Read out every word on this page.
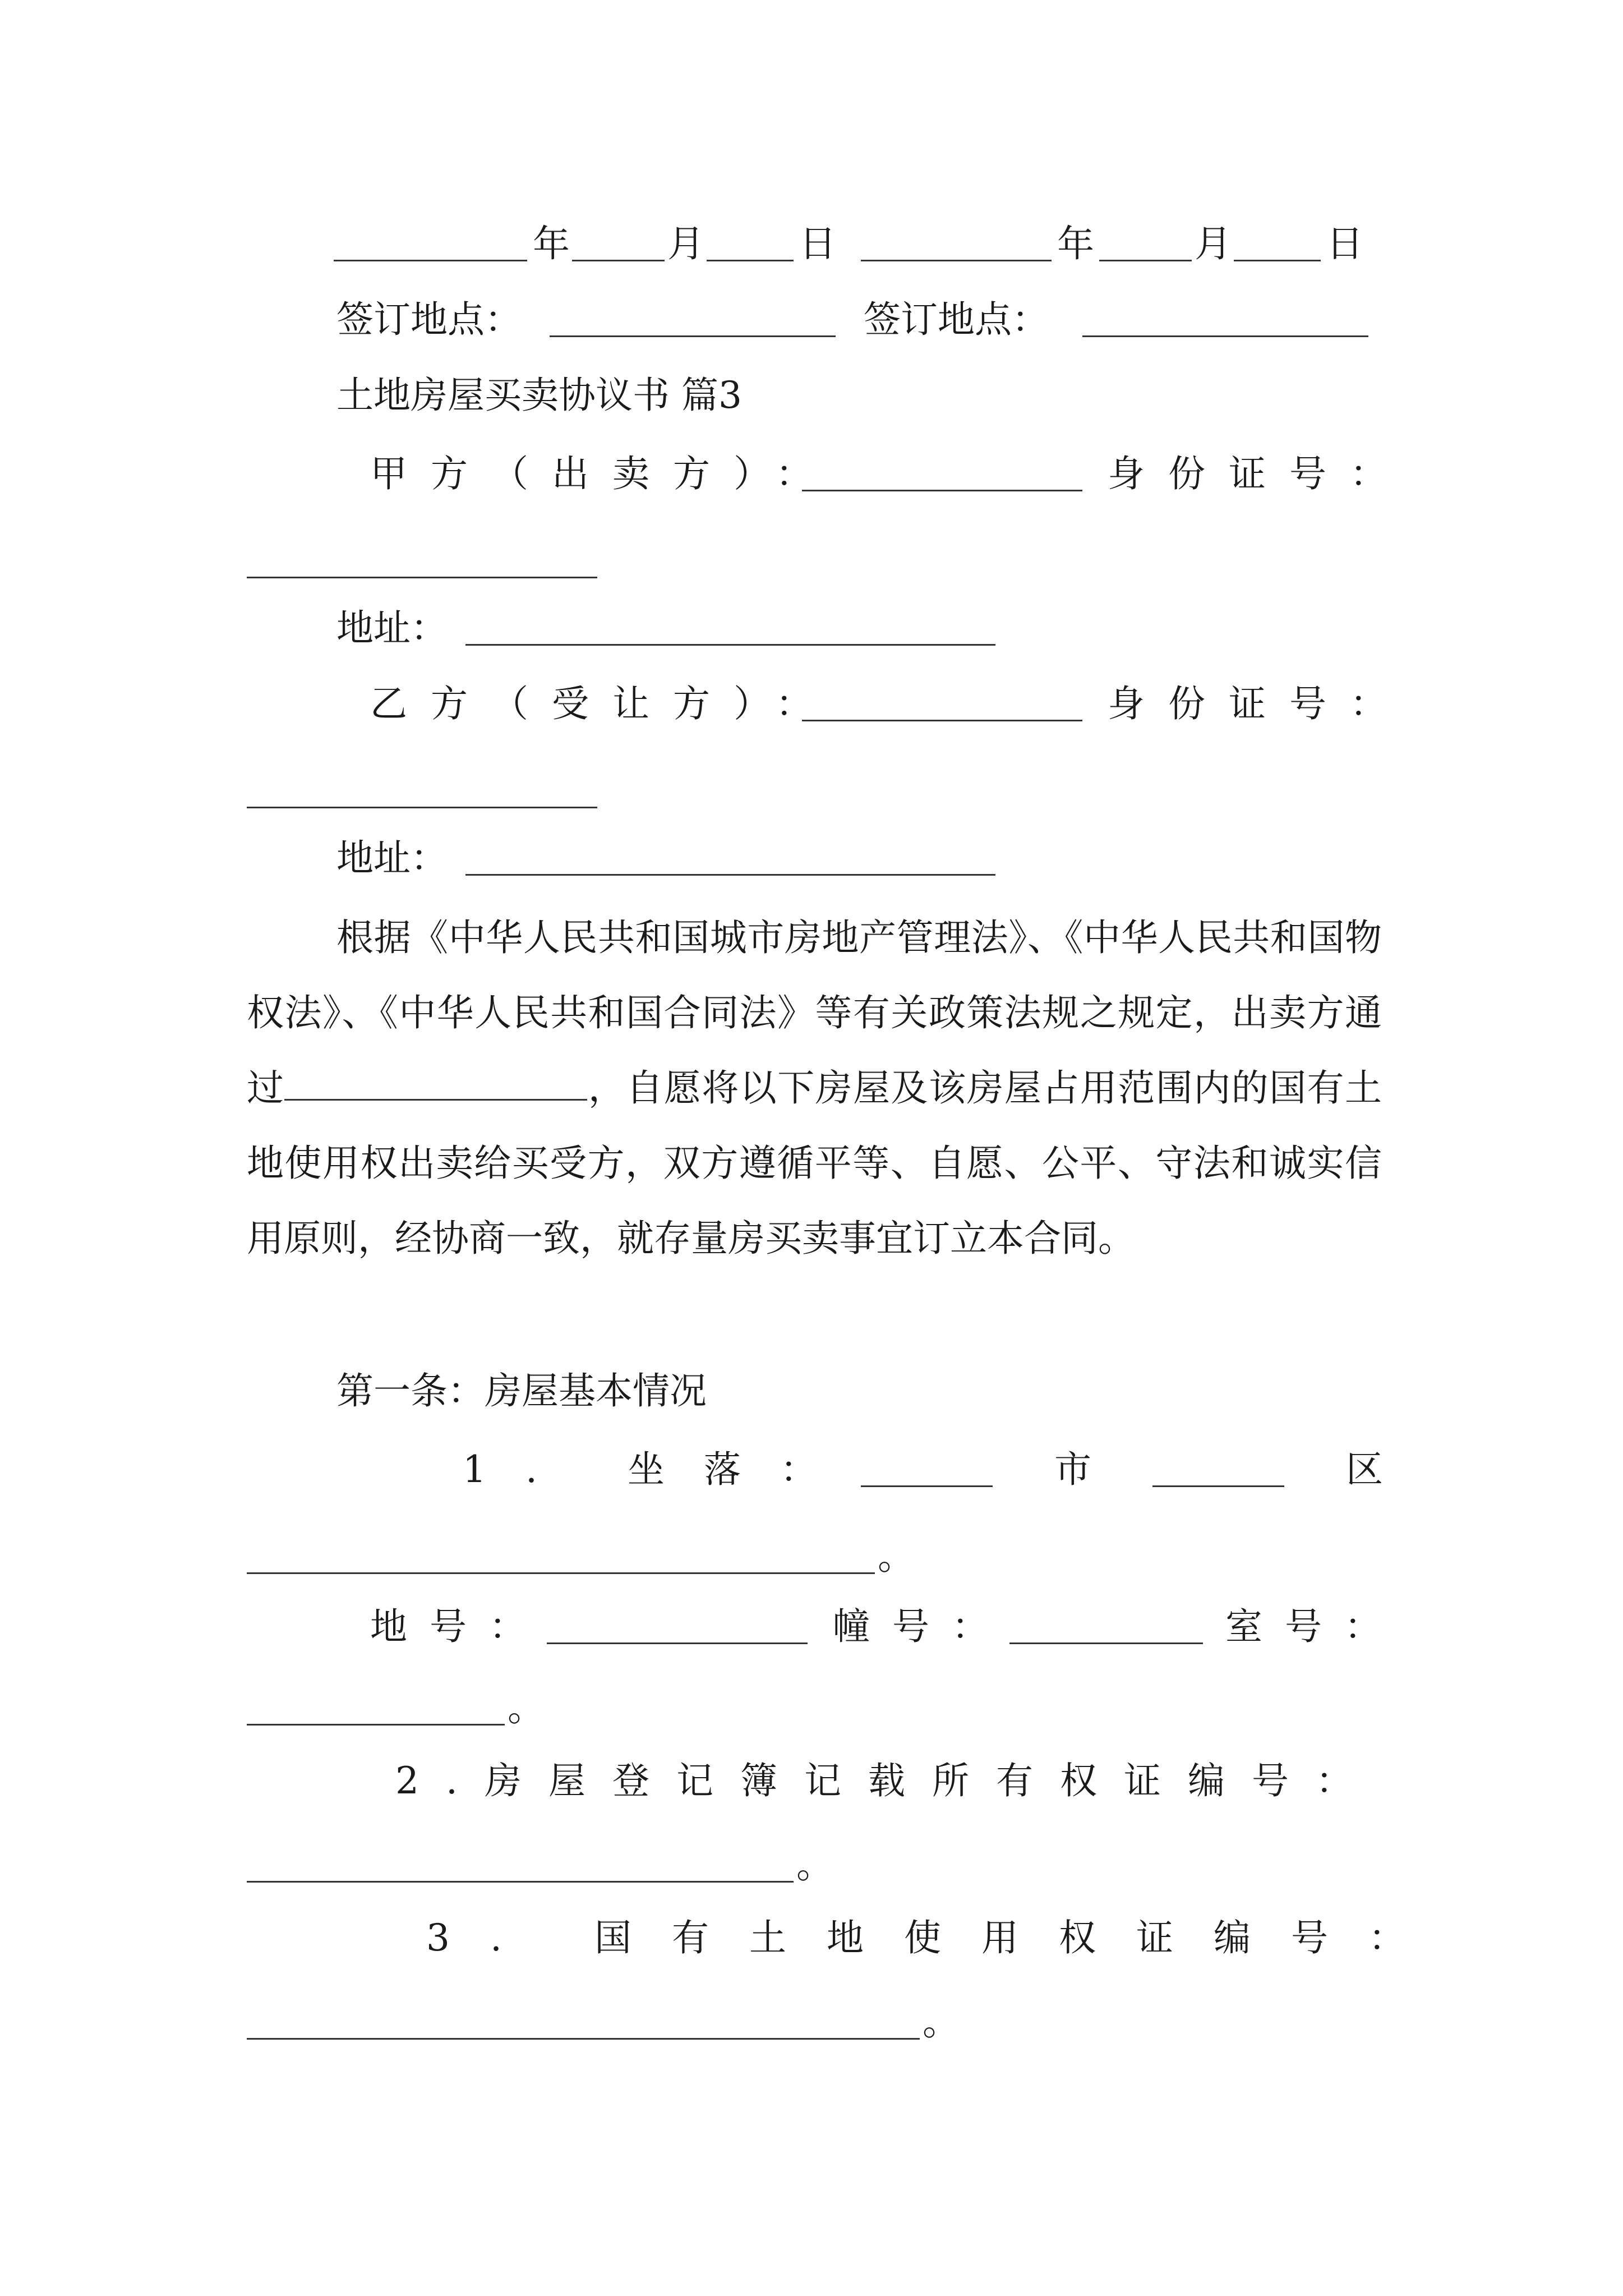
年	月	日	年	月	日
签订地点：	签订地点：
土地房屋买卖协议书 篇3
甲方（出卖方）：	身份证号：
地址：
乙方（受让方）：	身份证号：
地址：
根据《中华人民共和国城市房地产管理法》、《中华人民共和国物权法》、《中华人民共和国合同法》等有关政策法规之规定，出卖方通过	，自愿将以下房屋及该房屋占用范围内的国有土地使用权出卖给买受方，双方遵循平等、自愿、公平、守法和诚实信用原则，经协商一致，就存量房买卖事宜订立本合同。
第一条：房屋基本情况
1. 坐落：	市	区
。
地号：	幢号：	室号：
。
2.房屋登记簿记载所有权证编号：
。
3. 国有土地使用权证编号：
。
